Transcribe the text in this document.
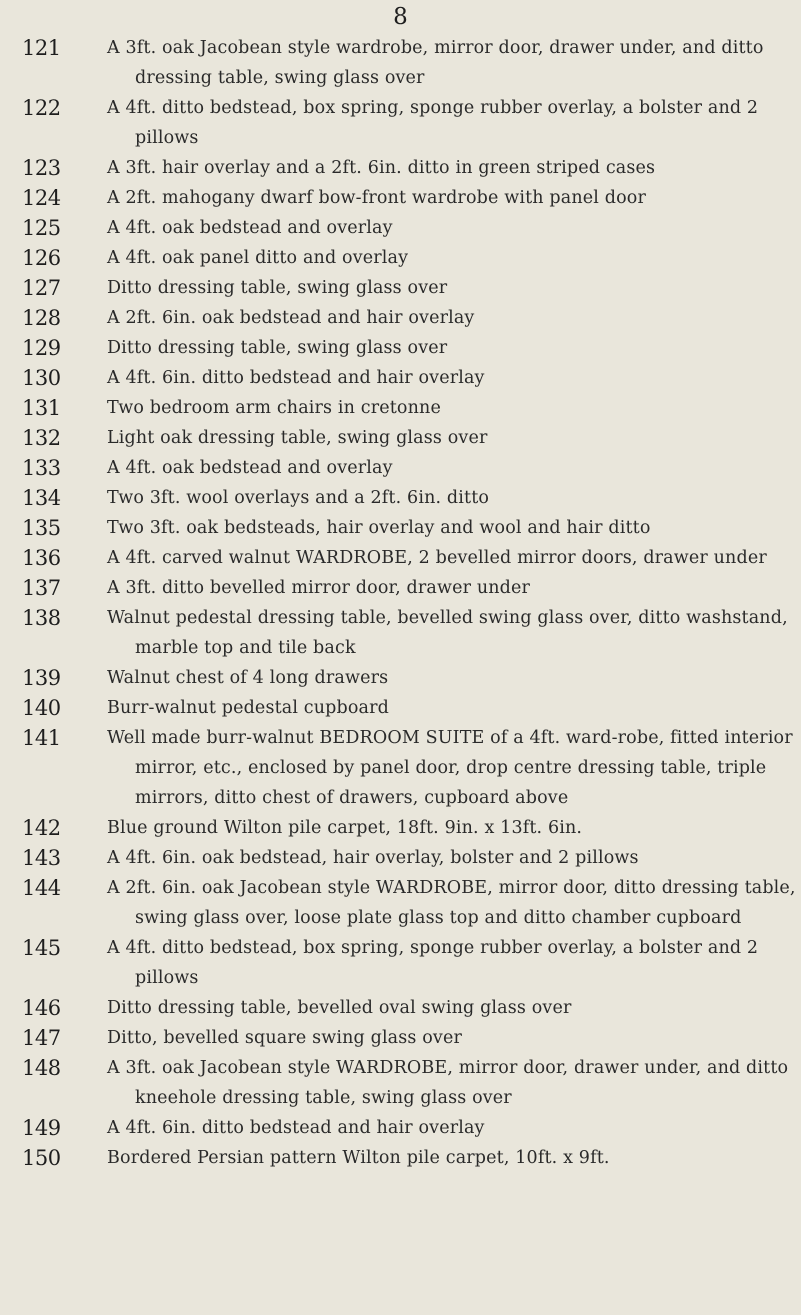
8
121	A 3ft. oak Jacobean style wardrobe, mirror door, drawer under, and ditto dressing table, swing glass over
122	A 4ft. ditto bedstead, box spring, sponge rubber overlay, a bolster and 2 pillows
123	A 3ft. hair overlay and a 2ft. 6in. ditto in green striped cases
124	A 2ft. mahogany dwarf bow-front wardrobe with panel door
125	A 4ft. oak bedstead and overlay
126	A 4ft. oak panel ditto and overlay
127	Ditto dressing table, swing glass over
128	A 2ft. 6in. oak bedstead and hair overlay
129	Ditto dressing table, swing glass over
130	A 4ft. 6in. ditto bedstead and hair overlay
131	Two bedroom arm chairs in cretonne
132	Light oak dressing table, swing glass over
133	A 4ft. oak bedstead and overlay
134	Two 3ft. wool overlays and a 2ft. 6in. ditto
135	Two 3ft. oak bedsteads, hair overlay and wool and hair ditto
136	A 4ft. carved walnut WARDROBE, 2 bevelled mirror doors, drawer under
137	A 3ft. ditto bevelled mirror door, drawer under
138	Walnut pedestal dressing table, bevelled swing glass over, ditto washstand, marble top and tile back
139	Walnut chest of 4 long drawers
140	Burr-walnut pedestal cupboard
141	Well made burr-walnut BEDROOM SUITE of a 4ft. ward-robe, fitted interior mirror, etc., enclosed by panel door, drop centre dressing table, triple mirrors, ditto chest of drawers, cupboard above
142	Blue ground Wilton pile carpet, 18ft. 9in. x 13ft. 6in.
143	A 4ft. 6in. oak bedstead, hair overlay, bolster and 2 pillows
144	A 2ft. 6in. oak Jacobean style WARDROBE, mirror door, ditto dressing table, swing glass over, loose plate glass top and ditto chamber cupboard
145	A 4ft. ditto bedstead, box spring, sponge rubber overlay, a bolster and 2 pillows
146	Ditto dressing table, bevelled oval swing glass over
147	Ditto, bevelled square swing glass over
148	A 3ft. oak Jacobean style WARDROBE, mirror door, drawer under, and ditto kneehole dressing table, swing glass over
149	A 4ft. 6in. ditto bedstead and hair overlay
150	Bordered Persian pattern Wilton pile carpet, 10ft. x 9ft.
